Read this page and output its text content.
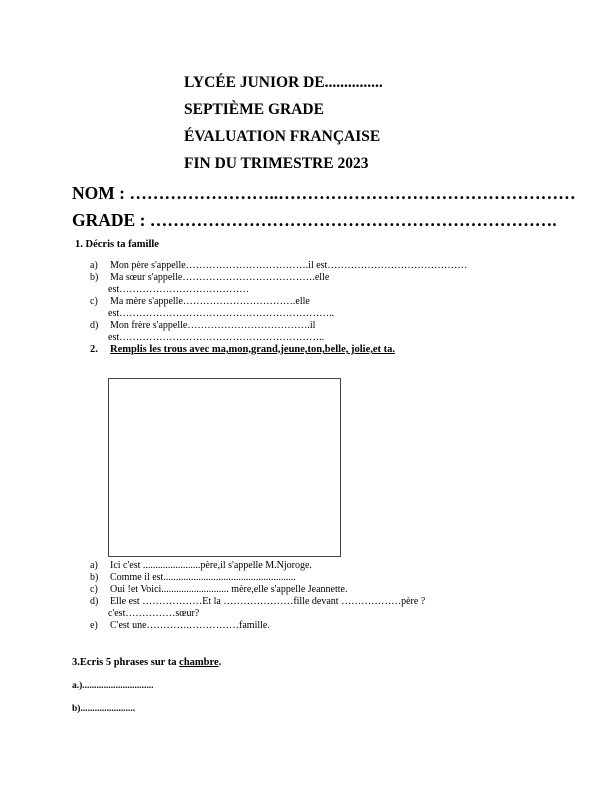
LYCÉE JUNIOR DE...............
SEPTIÈME GRADE
ÉVALUATION FRANÇAISE
FIN DU TRIMESTRE 2023
NOM : ……………………..……………………………………………
GRADE : …………………………………………………………….
1. Décris ta famille
a) Mon père s'appelle……………………………….il est……………………………………
b) Ma sœur s'appelle………………………………….elle
est…………………………………
c) Ma mère s'appelle…………………………….elle
est………………………………………………………..
d) Mon frère s'appelle……………………………….il
est……………………………………………………..
2. Remplis les trous avec ma,mon,grand,jeune,ton,belle, jolie,et ta.
a) Ici c'est .......................père,il s'appelle M.Njoroge.
b) Comme il est.....................................................
c) Oui !et Voici........................... mère,elle s'appelle Jeannette.
d) Elle est ………………Et la …………………fille devant ………………père ?
c'est……………sœur?
e) C'est une………….……………famille.
3.Ecris 5 phrases sur ta chambre.
a.)..............................
b).......................
